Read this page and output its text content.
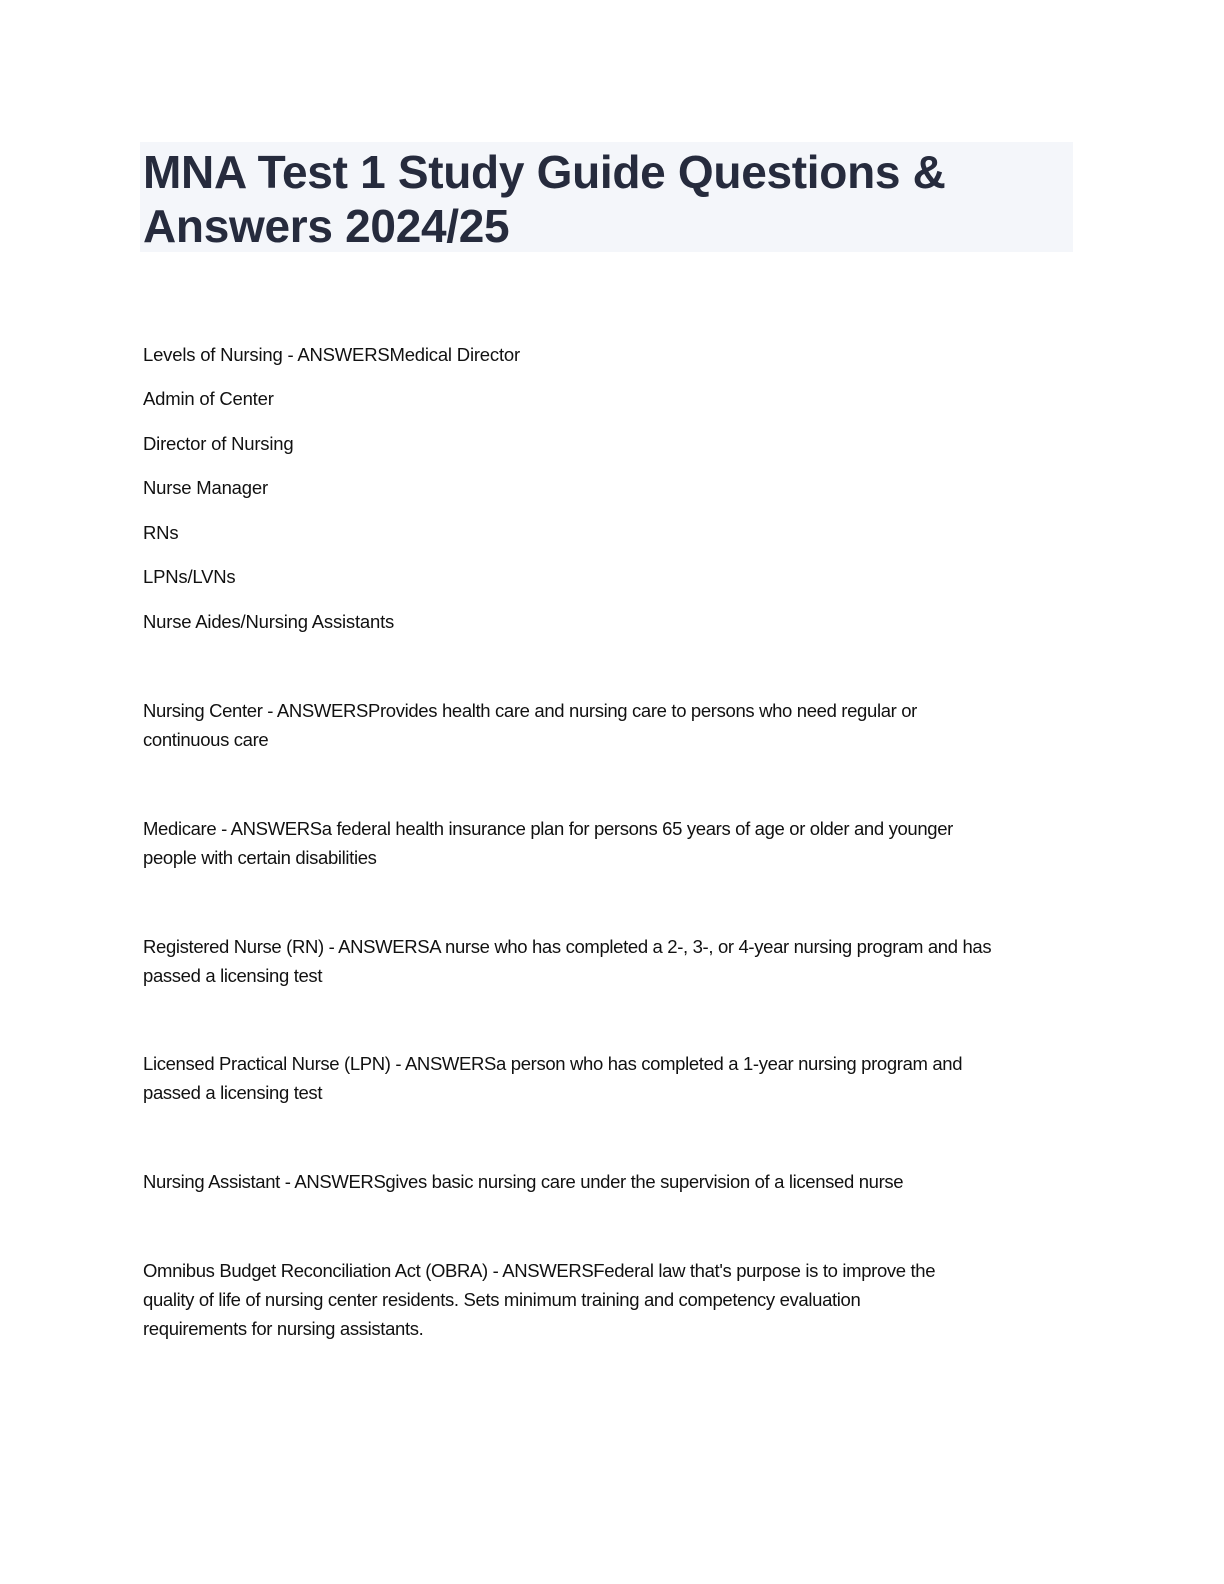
MNA Test 1 Study Guide Questions &
Answers 2024/25

Levels of Nursing - ANSWERSMedical Director

Admin of Center

Director of Nursing

Nurse Manager

RNs

LPNs/LVNs

Nurse Aides/Nursing Assistants

Nursing Center - ANSWERSProvides health care and nursing care to persons who need regular or
continuous care
Medicare - ANSWERSa federal health insurance plan for persons 65 years of age or older and younger
people with certain disabilities
Registered Nurse (RN) - ANSWERSA nurse who has completed a 2-, 3-, or 4-year nursing program and has
passed a licensing test
Licensed Practical Nurse (LPN) - ANSWERSa person who has completed a 1-year nursing program and
passed a licensing test
Nursing Assistant - ANSWERSgives basic nursing care under the supervision of a licensed nurse
Omnibus Budget Reconciliation Act (OBRA) - ANSWERSFederal law that's purpose is to improve the
quality of life of nursing center residents. Sets minimum training and competency evaluation
requirements for nursing assistants.
